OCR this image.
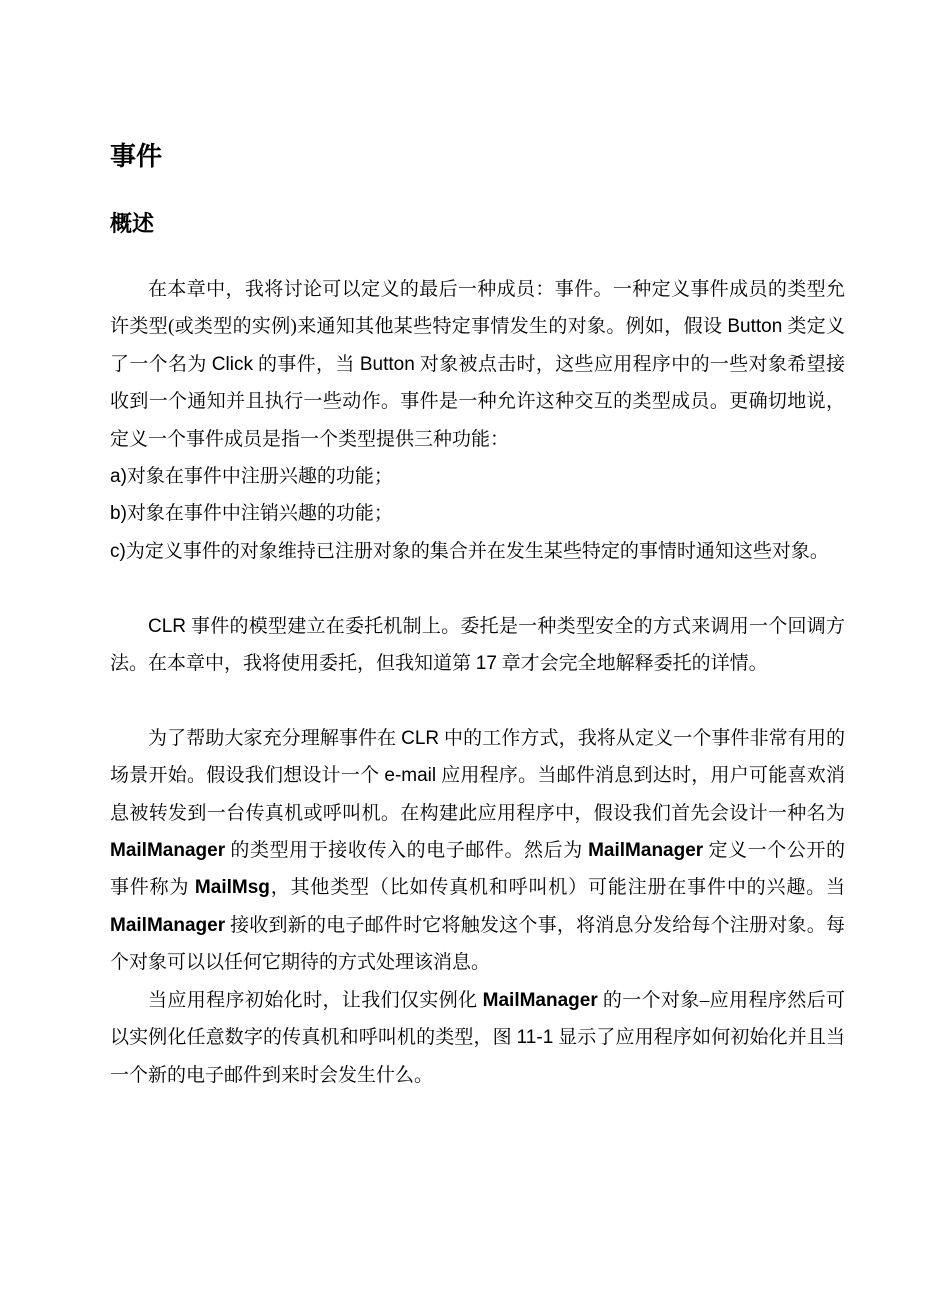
事件
概述

在本章中，我将讨论可以定义的最后一种成员：事件。一种定义事件成员的类型允许类型(或类型的实例)来通知其他某些特定事情发生的对象。例如，假设 Button 类定义了一个名为 Click 的事件，当 Button 对象被点击时，这些应用程序中的一些对象希望接收到一个通知并且执行一些动作。事件是一种允许这种交互的类型成员。更确切地说，定义一个事件成员是指一个类型提供三种功能：

a)对象在事件中注册兴趣的功能；

b)对象在事件中注销兴趣的功能；

c)为定义事件的对象维持已注册对象的集合并在发生某些特定的事情时通知这些对象。

CLR 事件的模型建立在委托机制上。委托是一种类型安全的方式来调用一个回调方法。在本章中，我将使用委托，但我知道第 17 章才会完全地解释委托的详情。

为了帮助大家充分理解事件在 CLR 中的工作方式，我将从定义一个事件非常有用的场景开始。假设我们想设计一个 e-mail 应用程序。当邮件消息到达时，用户可能喜欢消息被转发到一台传真机或呼叫机。在构建此应用程序中，假设我们首先会设计一种名为 MailManager 的类型用于接收传入的电子邮件。然后为 MailManager 定义一个公开的事件称为 MailMsg，其他类型（比如传真机和呼叫机）可能注册在事件中的兴趣。当 MailManager 接收到新的电子邮件时它将触发这个事，将消息分发给每个注册对象。每个对象可以以任何它期待的方式处理该消息。

当应用程序初始化时，让我们仅实例化 MailManager 的一个对象–应用程序然后可以实例化任意数字的传真机和呼叫机的类型，图 11-1 显示了应用程序如何初始化并且当一个新的电子邮件到来时会发生什么。
